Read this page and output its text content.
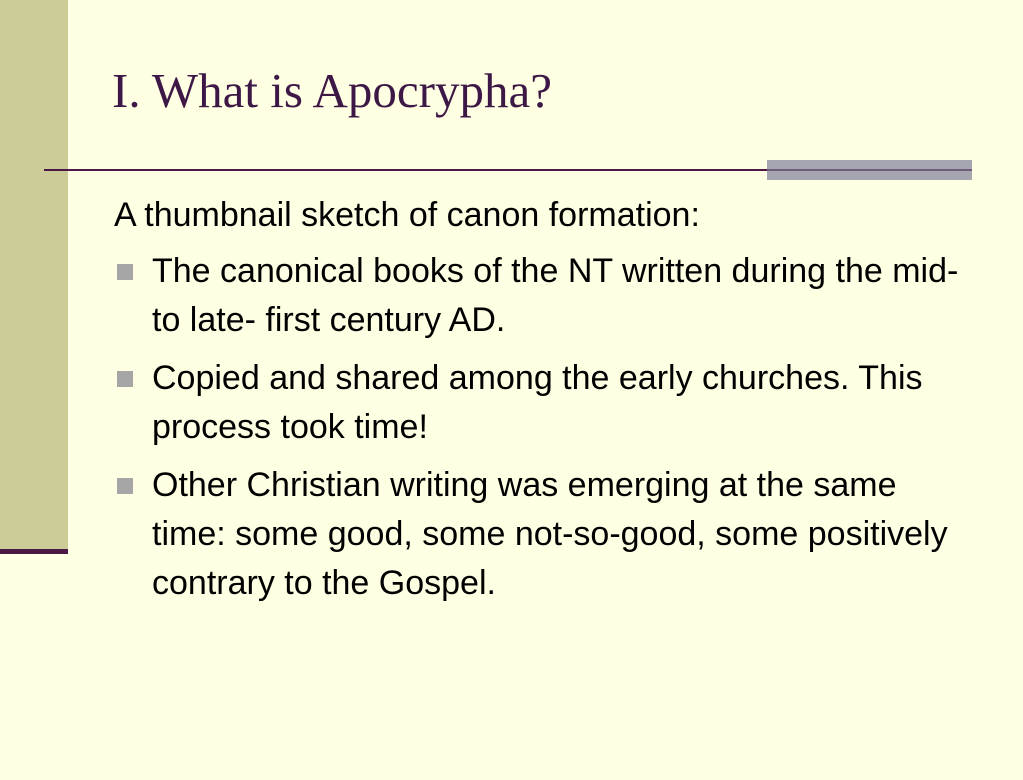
I. What is Apocrypha?
A thumbnail sketch of canon formation:
The canonical books of the NT written during the mid- to late- first century AD.
Copied and shared among the early churches. This process took time!
Other Christian writing was emerging at the same time: some good, some not-so-good, some positively contrary to the Gospel.
